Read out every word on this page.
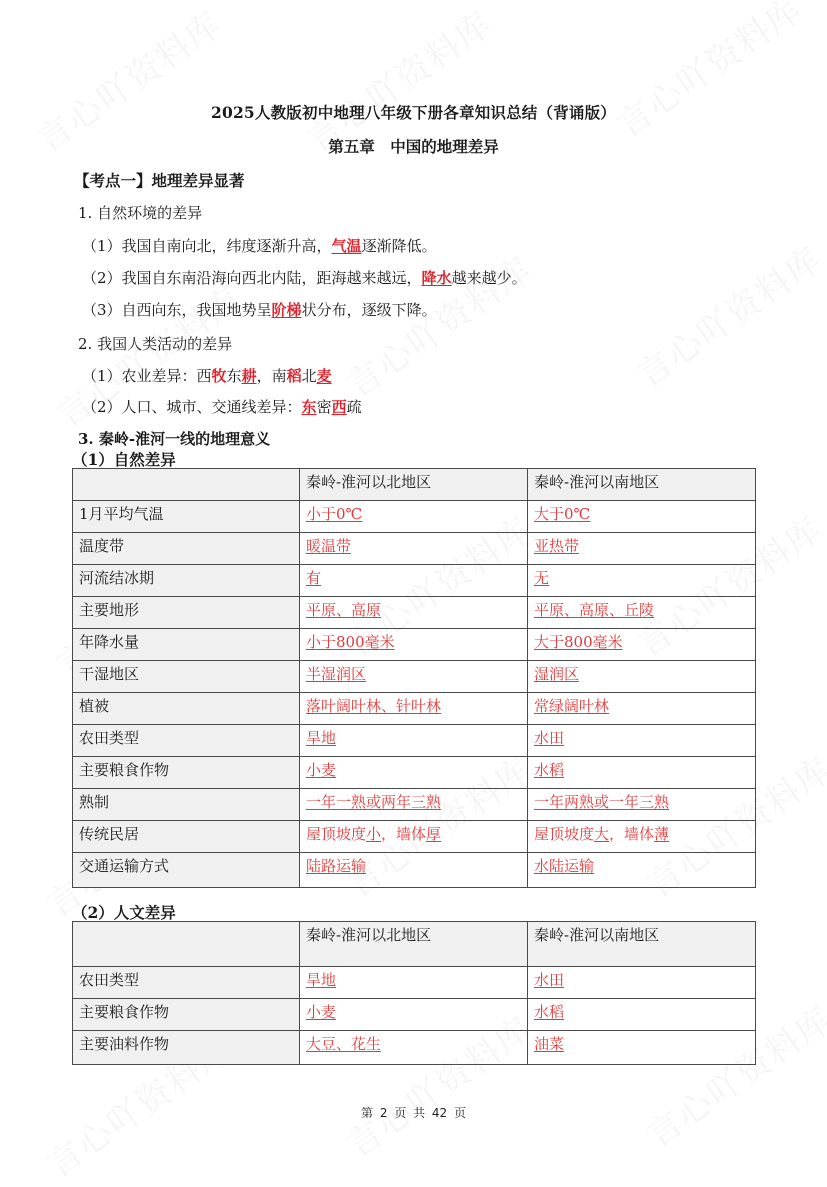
2025人教版初中地理八年级下册各章知识总结（背诵版）
第五章　中国的地理差异
【考点一】地理差异显著
1. 自然环境的差异
（1）我国自南向北，纬度逐渐升高，气温逐渐降低。
（2）我国自东南沿海向西北内陆，距海越来越远，降水越来越少。
（3）自西向东，我国地势呈阶梯状分布，逐级下降。
2. 我国人类活动的差异
（1）农业差异：西牧东耕，南稻北麦
（2）人口、城市、交通线差异：东密西疏
3. 秦岭-淮河一线的地理意义
（1）自然差异
	秦岭-淮河以北地区	秦岭-淮河以南地区
1月平均气温	小于0℃	大于0℃
温度带	暖温带	亚热带
河流结冰期	有	无
主要地形	平原、高原	平原、高原、丘陵
年降水量	小于800毫米	大于800毫米
干湿地区	半湿润区	湿润区
植被	落叶阔叶林、针叶林	常绿阔叶林
农田类型	旱地	水田
主要粮食作物	小麦	水稻
熟制	一年一熟或两年三熟	一年两熟或一年三熟
传统民居	屋顶坡度小，墙体厚	屋顶坡度大，墙体薄
交通运输方式	陆路运输	水陆运输
（2）人文差异
	秦岭-淮河以北地区	秦岭-淮河以南地区
农田类型	旱地	水田
主要粮食作物	小麦	水稻
主要油料作物	大豆、花生	油菜
第 2 页 共 42 页
